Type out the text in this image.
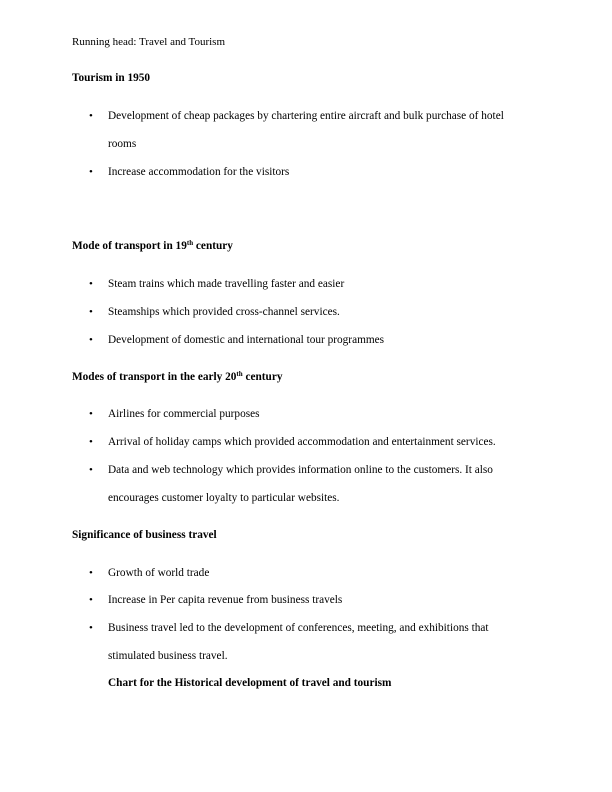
Running head: Travel and Tourism
Tourism in 1950
• Development of cheap packages by chartering entire aircraft and bulk purchase of hotel
rooms
• Increase accommodation for the visitors
Mode of transport in 19th century
• Steam trains which made travelling faster and easier
• Steamships which provided cross-channel services.
• Development of domestic and international tour programmes
Modes of transport in the early 20th century
• Airlines for commercial purposes
• Arrival of holiday camps which provided accommodation and entertainment services.
• Data and web technology which provides information online to the customers. It also
encourages customer loyalty to particular websites.
Significance of business travel
• Growth of world trade
• Increase in Per capita revenue from business travels
• Business travel led to the development of conferences, meeting, and exhibitions that
stimulated business travel.
Chart for the Historical development of travel and tourism
